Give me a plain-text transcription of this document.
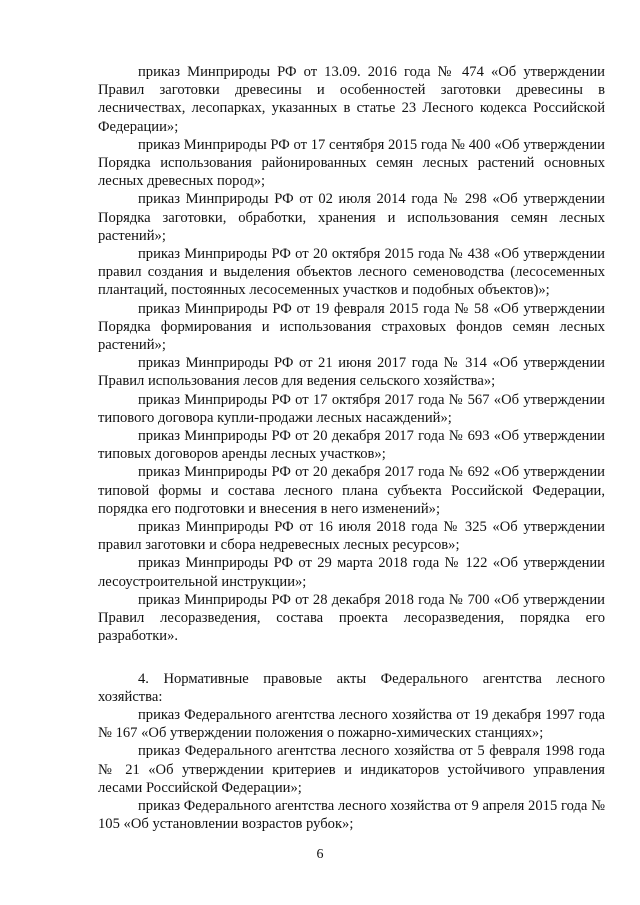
приказ Минприроды РФ от 13.09. 2016 года № 474 «Об утверждении Правил заготовки древесины и особенностей заготовки древесины в лесничествах, лесопарках, указанных в статье 23 Лесного кодекса Российской Федерации»;

приказ Минприроды РФ от 17 сентября 2015 года № 400 «Об утверждении Порядка использования районированных семян лесных растений основных лесных древесных пород»;

приказ Минприроды РФ от 02 июля 2014 года № 298 «Об утверждении Порядка заготовки, обработки, хранения и использования семян лесных растений»;

приказ Минприроды РФ от 20 октября 2015 года № 438 «Об утверждении правил создания и выделения объектов лесного семеноводства (лесосеменных плантаций, постоянных лесосеменных участков и подобных объектов)»;

приказ Минприроды РФ от 19 февраля 2015 года № 58 «Об утверждении Порядка формирования и использования страховых фондов семян лесных растений»;

приказ Минприроды РФ от 21 июня 2017 года № 314 «Об утверждении Правил использования лесов для ведения сельского хозяйства»;

приказ Минприроды РФ от 17 октября 2017 года № 567 «Об утверждении типового договора купли-продажи лесных насаждений»;

приказ Минприроды РФ от 20 декабря 2017 года № 693 «Об утверждении типовых договоров аренды лесных участков»;

приказ Минприроды РФ от 20 декабря 2017 года № 692 «Об утверждении типовой формы и состава лесного плана субъекта Российской Федерации, порядка его подготовки и внесения в него изменений»;

приказ Минприроды РФ от 16 июля 2018 года № 325 «Об утверждении правил заготовки и сбора недревесных лесных ресурсов»;

приказ Минприроды РФ от 29 марта 2018 года № 122 «Об утверждении лесоустроительной инструкции»;

приказ Минприроды РФ от 28 декабря 2018 года № 700 «Об утверждении Правил лесоразведения, состава проекта лесоразведения, порядка его разработки».

4. Нормативные правовые акты Федерального агентства лесного хозяйства:

приказ Федерального агентства лесного хозяйства от 19 декабря 1997 года № 167 «Об утверждении положения о пожарно-химических станциях»;

приказ Федерального агентства лесного хозяйства от 5 февраля 1998 года № 21 «Об утверждении критериев и индикаторов устойчивого управления лесами Российской Федерации»;

приказ Федерального агентства лесного хозяйства от 9 апреля 2015 года № 105 «Об установлении возрастов рубок»;

6
